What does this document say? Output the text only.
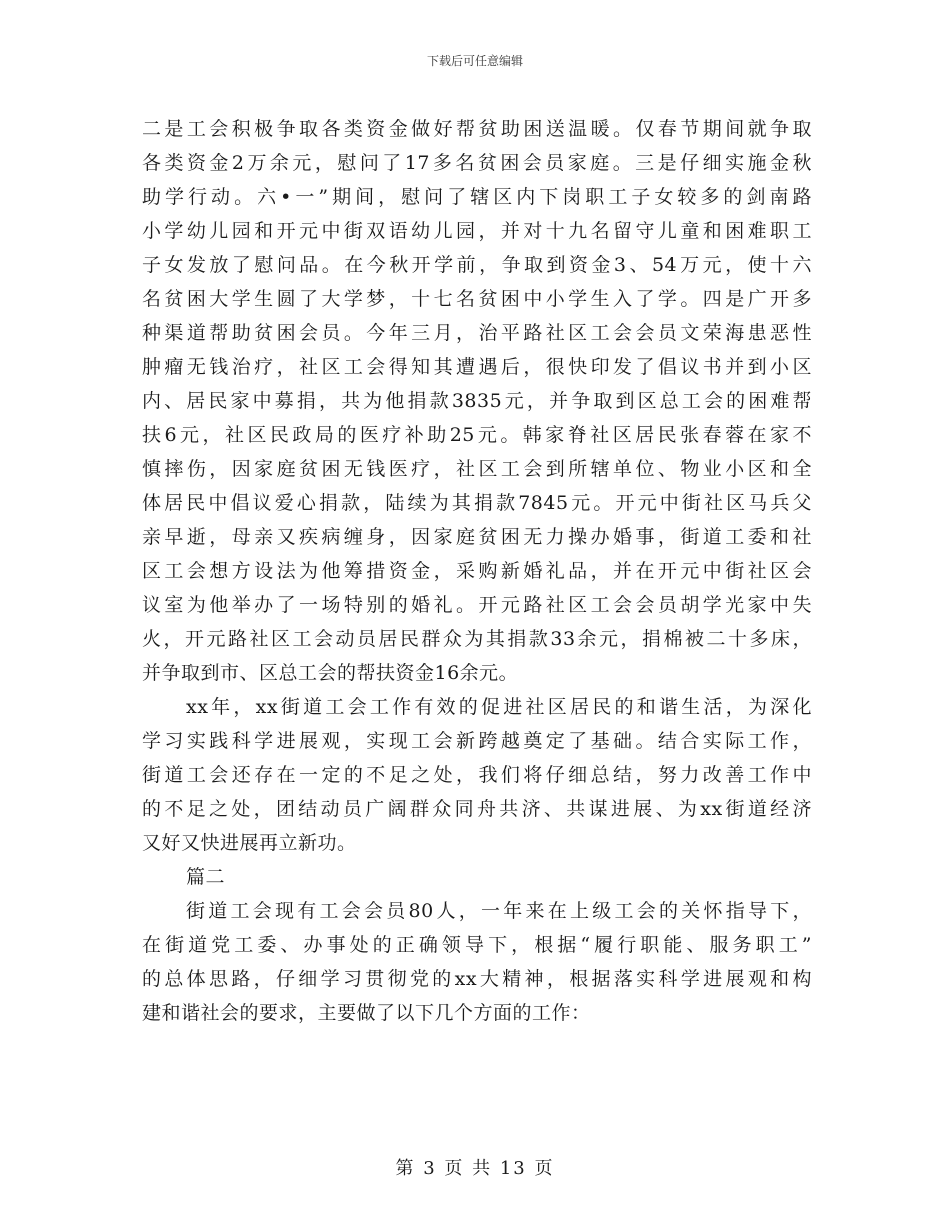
下载后可任意编辑
二是工会积极争取各类资金做好帮贫助困送温暖。仅春节期间就争取
各类资金2万余元，慰问了17多名贫困会员家庭。三是仔细实施金秋
助学行动。六•一”期间，慰问了辖区内下岗职工子女较多的剑南路
小学幼儿园和开元中街双语幼儿园，并对十九名留守儿童和困难职工
子女发放了慰问品。在今秋开学前，争取到资金3、54万元，使十六
名贫困大学生圆了大学梦，十七名贫困中小学生入了学。四是广开多
种渠道帮助贫困会员。今年三月，治平路社区工会会员文荣海患恶性
肿瘤无钱治疗，社区工会得知其遭遇后，很快印发了倡议书并到小区
内、居民家中募捐，共为他捐款3835元，并争取到区总工会的困难帮
扶6元，社区民政局的医疗补助25元。韩家脊社区居民张春蓉在家不
慎摔伤，因家庭贫困无钱医疗，社区工会到所辖单位、物业小区和全
体居民中倡议爱心捐款，陆续为其捐款7845元。开元中街社区马兵父
亲早逝，母亲又疾病缠身，因家庭贫困无力操办婚事，街道工委和社
区工会想方设法为他筹措资金，采购新婚礼品，并在开元中街社区会
议室为他举办了一场特别的婚礼。开元路社区工会会员胡学光家中失
火，开元路社区工会动员居民群众为其捐款33余元，捐棉被二十多床，
并争取到市、区总工会的帮扶资金16余元。
xx年，xx街道工会工作有效的促进社区居民的和谐生活，为深化
学习实践科学进展观，实现工会新跨越奠定了基础。结合实际工作，
街道工会还存在一定的不足之处，我们将仔细总结，努力改善工作中
的不足之处，团结动员广阔群众同舟共济、共谋进展、为xx街道经济
又好又快进展再立新功。
篇二
街道工会现有工会会员80人，一年来在上级工会的关怀指导下，
在街道党工委、办事处的正确领导下，根据“履行职能、服务职工”
的总体思路，仔细学习贯彻党的xx大精神，根据落实科学进展观和构
建和谐社会的要求，主要做了以下几个方面的工作：
第 3 页 共 13 页
